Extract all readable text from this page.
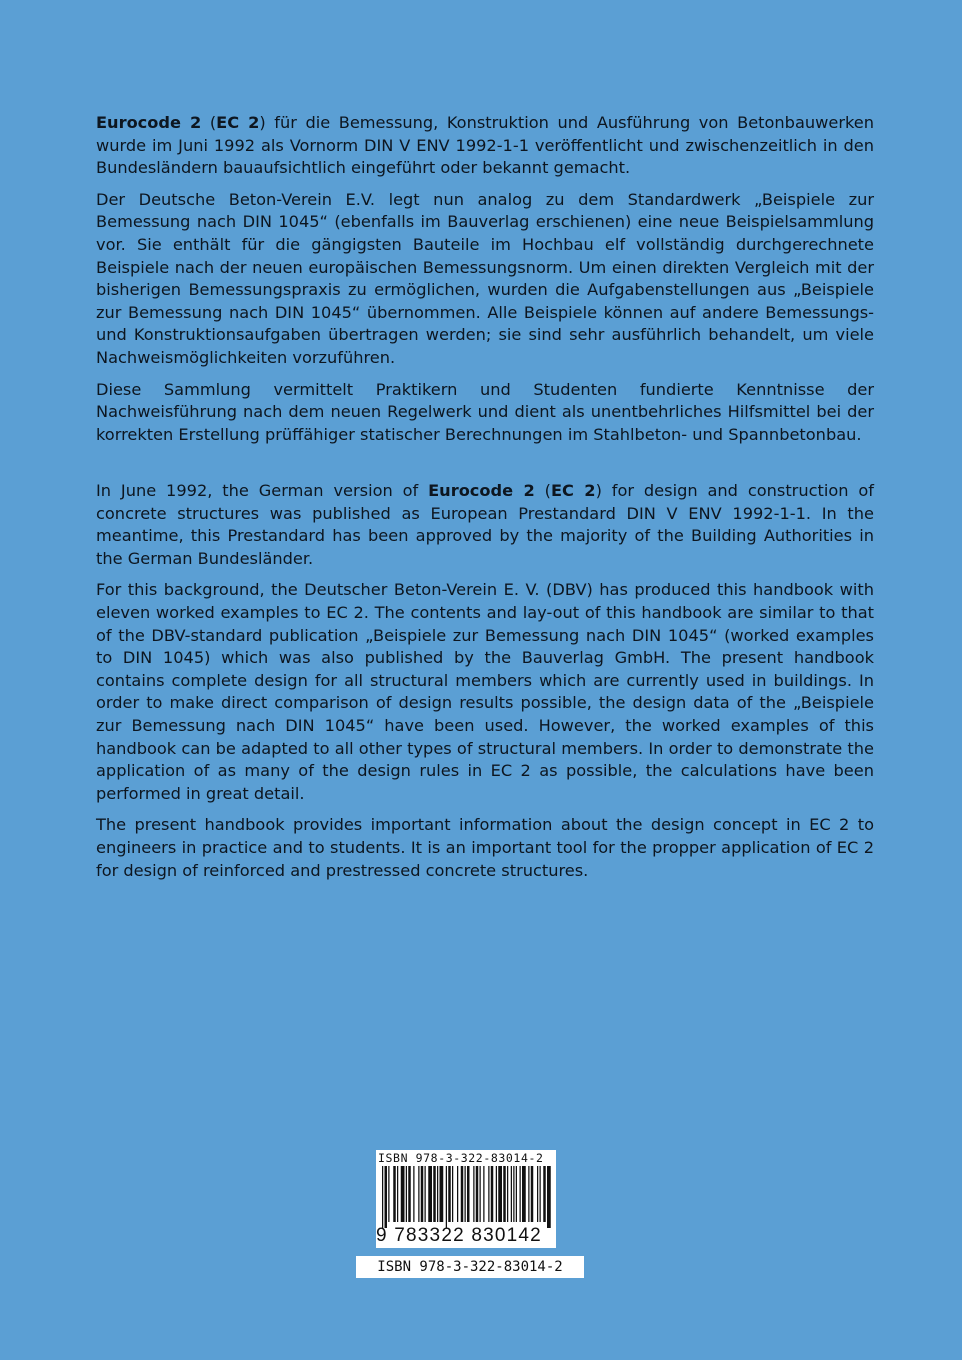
Eurocode 2 (EC 2) für die Bemessung, Konstruktion und Ausführung von Betonbauwerken wurde im Juni 1992 als Vornorm DIN V ENV 1992-1-1 veröffentlicht und zwischenzeitlich in den Bundesländern bauaufsichtlich eingeführt oder bekannt gemacht.

Der Deutsche Beton-Verein E.V. legt nun analog zu dem Standardwerk „Beispiele zur Bemessung nach DIN 1045“ (ebenfalls im Bauverlag erschienen) eine neue Beispielsammlung vor. Sie enthält für die gängigsten Bauteile im Hochbau elf vollständig durchgerechnete Beispiele nach der neuen europäischen Bemessungsnorm. Um einen direkten Vergleich mit der bisherigen Bemessungspraxis zu ermöglichen, wurden die Aufgabenstellungen aus „Beispiele zur Bemessung nach DIN 1045“ übernommen. Alle Beispiele können auf andere Bemessungs- und Konstruktionsaufgaben übertragen werden; sie sind sehr ausführlich behandelt, um viele Nachweismöglichkeiten vorzuführen.

Diese Sammlung vermittelt Praktikern und Studenten fundierte Kenntnisse der Nachweisführung nach dem neuen Regelwerk und dient als unentbehrliches Hilfsmittel bei der korrekten Erstellung prüffähiger statischer Berechnungen im Stahlbeton- und Spannbetonbau.

In June 1992, the German version of Eurocode 2 (EC 2) for design and construction of concrete structures was published as European Prestandard DIN V ENV 1992-1-1. In the meantime, this Prestandard has been approved by the majority of the Building Authorities in the German Bundesländer.

For this background, the Deutscher Beton-Verein E. V. (DBV) has produced this handbook with eleven worked examples to EC 2. The contents and lay-out of this handbook are similar to that of the DBV-standard publication „Beispiele zur Bemessung nach DIN 1045“ (worked examples to DIN 1045) which was also published by the Bauverlag GmbH. The present handbook contains complete design for all structural members which are currently used in buildings. In order to make direct comparison of design results possible, the design data of the „Beispiele zur Bemessung nach DIN 1045“ have been used. However, the worked examples of this handbook can be adapted to all other types of structural members. In order to demonstrate the application of as many of the design rules in EC 2 as possible, the calculations have been performed in great detail.

The present handbook provides important information about the design concept in EC 2 to engineers in practice and to students. It is an important tool for the propper application of EC 2 for design of reinforced and prestressed concrete structures.

ISBN 978-3-322-83014-2
9 783322 830142
ISBN 978-3-322-83014-2
